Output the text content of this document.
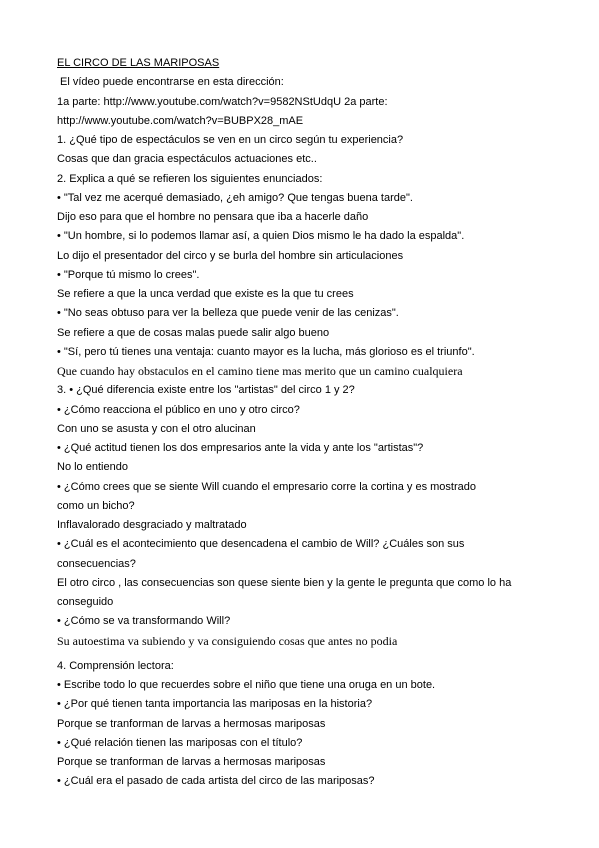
EL CIRCO DE LAS MARIPOSAS
El vídeo puede encontrarse en esta dirección:
1a parte: http://www.youtube.com/watch?v=9582NStUdqU 2a parte:
http://www.youtube.com/watch?v=BUBPX28_mAE
1. ¿Qué tipo de espectáculos se ven en un circo según tu experiencia?
Cosas que dan gracia espectáculos actuaciones etc..
2. Explica a qué se refieren los siguientes enunciados:
• "Tal vez me acerqué demasiado, ¿eh amigo? Que tengas buena tarde".
Dijo eso para que el hombre no pensara que iba a hacerle daño
• "Un hombre, si lo podemos llamar así, a quien Dios mismo le ha dado la espalda".
Lo dijo el presentador del circo y se burla del hombre sin articulaciones
• "Porque tú mismo lo crees".
Se refiere a que la unca verdad que existe es la que tu crees
• "No seas obtuso para ver la belleza que puede venir de las cenizas".
Se refiere a que de cosas malas puede salir algo bueno
• "Sí, pero tú tienes una ventaja: cuanto mayor es la lucha, más glorioso es el triunfo".
Que cuando hay obstaculos en el camino tiene mas merito que un camino cualquiera
3. • ¿Qué diferencia existe entre los "artistas" del circo 1 y 2?
• ¿Cómo reacciona el público en uno y otro circo?
Con uno se asusta y con el otro alucinan
• ¿Qué actitud tienen los dos empresarios ante la vida y ante los "artistas"?
No lo entiendo
• ¿Cómo crees que se siente Will cuando el empresario corre la cortina y es mostrado
como un bicho?
Inflavalorado desgraciado y maltratado
• ¿Cuál es el acontecimiento que desencadena el cambio de Will? ¿Cuáles son sus
consecuencias?
El otro circo , las consecuencias son quese siente bien y la gente le pregunta que como lo ha
conseguido
• ¿Cómo se va transformando Will?
Su autoestima va subiendo y va consiguiendo cosas que antes no podia
4. Comprensión lectora:
• Escribe todo lo que recuerdes sobre el niño que tiene una oruga en un bote.
• ¿Por qué tienen tanta importancia las mariposas en la historia?
Porque se tranforman de larvas a hermosas mariposas
• ¿Qué relación tienen las mariposas con el título?
Porque se tranforman de larvas a hermosas mariposas
• ¿Cuál era el pasado de cada artista del circo de las mariposas?
